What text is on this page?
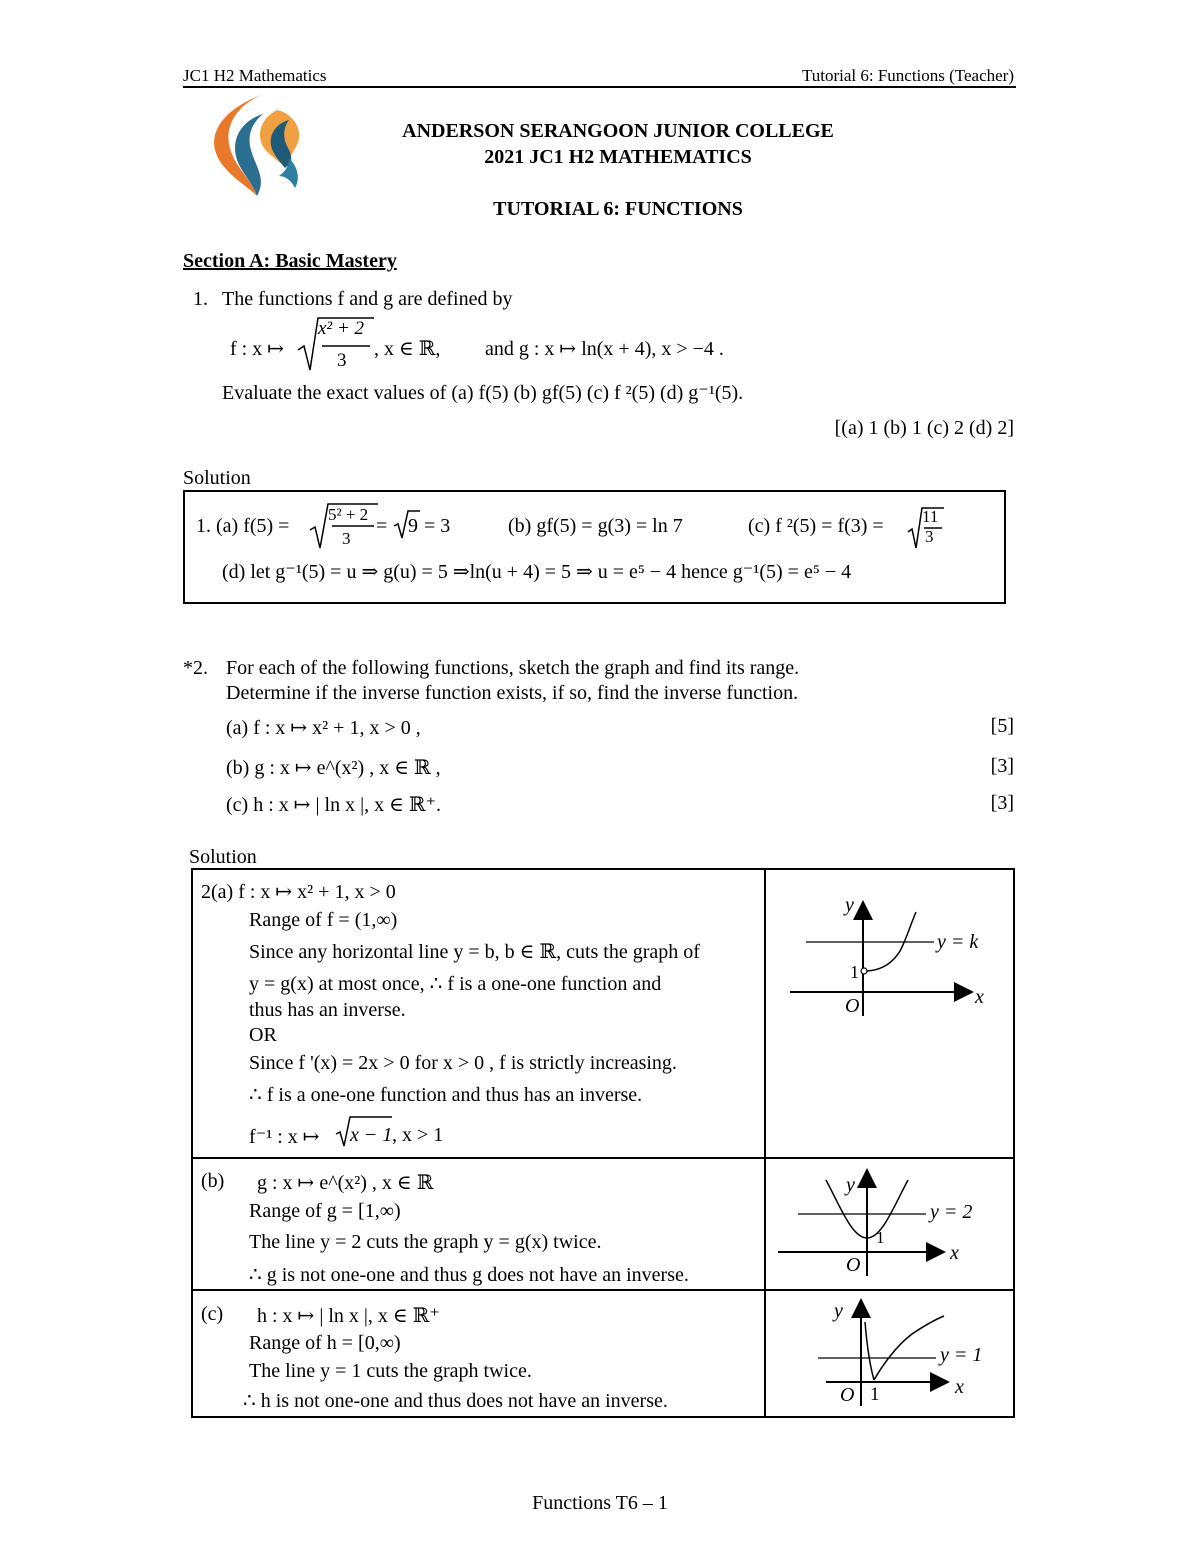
JC1 H2 Mathematics	Tutorial 6: Functions (Teacher)
ANDERSON SERANGOON JUNIOR COLLEGE
2021 JC1 H2 MATHEMATICS
TUTORIAL 6: FUNCTIONS
Section A: Basic Mastery
1. The functions f and g are defined by
f : x ↦
x² + 2
3
, x ∈ ℝ, and g : x ↦ ln(x + 4), x > −4 .
Evaluate the exact values of (a) f(5) (b) gf(5) (c) f ²(5) (d) g⁻¹(5).
[(a) 1 (b) 1 (c) 2 (d) 2]
Solution
1. (a) f(5) =
5² + 2
3
= 9 = 3	(b) gf(5) = g(3) = ln 7	(c) f ²(5) = f(3) = 11
3
(d) let g⁻¹(5) = u ⇒ g(u) = 5 ⇒ln(u + 4) = 5 ⇒ u = e⁵ − 4 hence g⁻¹(5) = e⁵ − 4
*2. For each of the following functions, sketch the graph and find its range.
Determine if the inverse function exists, if so, find the inverse function.
(a) f : x ↦ x² + 1, x > 0 ,	[5]
(b) g : x ↦ e^(x²) , x ∈ ℝ ,	[3]
(c) h : x ↦ | ln x |, x ∈ ℝ⁺.	[3]
Solution
2(a) f : x ↦ x² + 1, x > 0
Range of f = (1,∞)
Since any horizontal line y = b, b ∈ ℝ, cuts the graph of
y = g(x) at most once, ∴ f is a one-one function and
thus has an inverse.
OR
Since f '(x) = 2x > 0 for x > 0 , f is strictly increasing.
∴ f is a one-one function and thus has an inverse.
f⁻¹ : x ↦ x − 1 , x > 1
(b) g : x ↦ e^(x²) , x ∈ ℝ
Range of g = [1,∞)
The line y = 2 cuts the graph y = g(x) twice.
∴ g is not one-one and thus g does not have an inverse.
(c) h : x ↦ | ln x |, x ∈ ℝ⁺
Range of h = [0,∞)
The line y = 1 cuts the graph twice.
∴ h is not one-one and thus does not have an inverse.
y
x
O
1
y = k
y
x
O
1
y = 2
y
x
O 1
y = 1
Functions T6 – 1
